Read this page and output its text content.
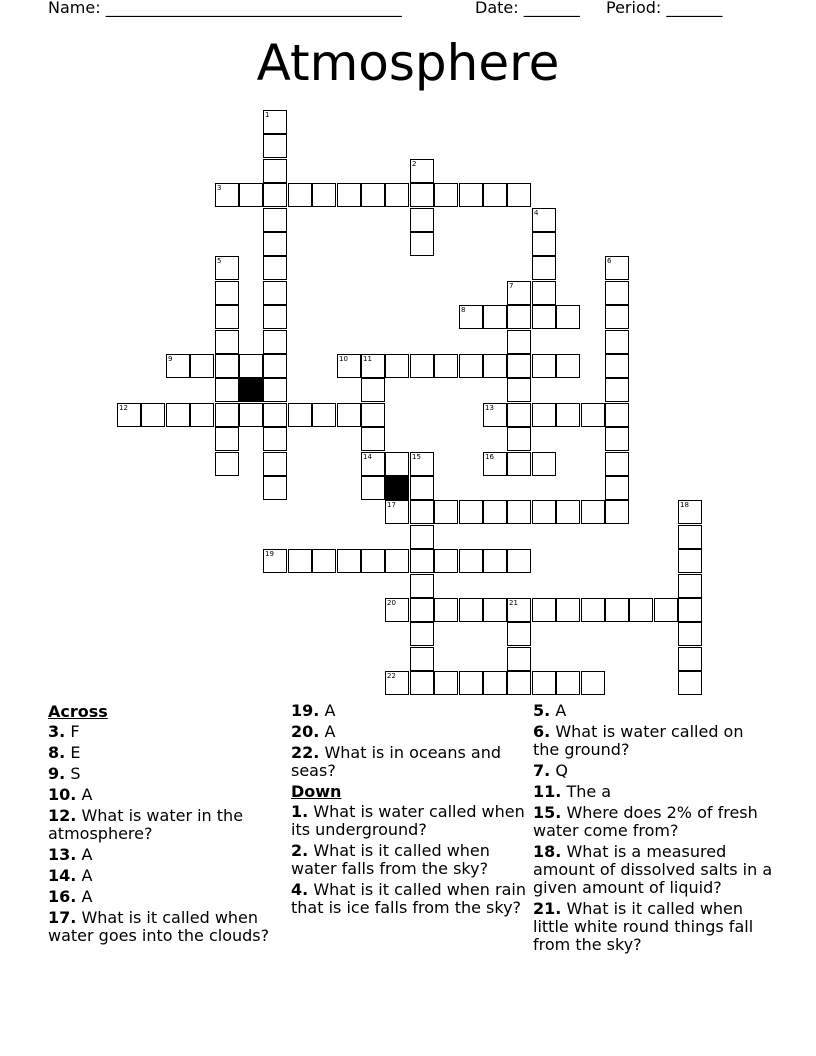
Name: _____________________________________	Date: _______ Period: _______
Atmosphere
1
2
3
4
5	6
7
8
9	10 11
12	13
14	15	16
17	18
19
20	21
22
Across
3. F
8. E
9. S
10. A
12. What is water in the atmosphere?
13. A
14. A
16. A
17. What is it called when water goes into the clouds?
19. A
20. A
22. What is in oceans and seas?
Down
1. What is water called when its underground?
2. What is it called when water falls from the sky?
4. What is it called when rain that is ice falls from the sky?
5. A
6. What is water called on the ground?
7. Q
11. The a
15. Where does 2% of fresh water come from?
18. What is a measured amount of dissolved salts in a given amount of liquid?
21. What is it called when little white round things fall from the sky?
